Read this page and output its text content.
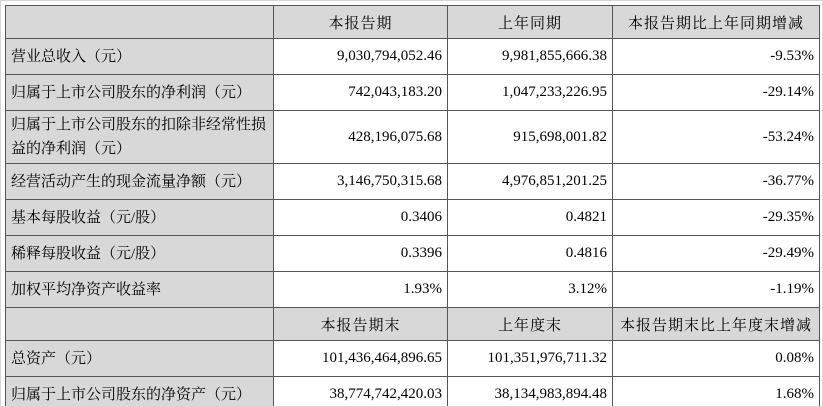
	本报告期	上年同期	本报告期比上年同期增减
营业总收入（元）	9,030,794,052.46	9,981,855,666.38	-9.53%
归属于上市公司股东的净利润（元）	742,043,183.20	1,047,233,226.95	-29.14%
归属于上市公司股东的扣除非经常性损益的净利润（元）	428,196,075.68	915,698,001.82	-53.24%
经营活动产生的现金流量净额（元）	3,146,750,315.68	4,976,851,201.25	-36.77%
基本每股收益（元/股）	0.3406	0.4821	-29.35%
稀释每股收益（元/股）	0.3396	0.4816	-29.49%
加权平均净资产收益率	1.93%	3.12%	-1.19%
	本报告期末	上年度末	本报告期末比上年度末增减
总资产（元）	101,436,464,896.65	101,351,976,711.32	0.08%
归属于上市公司股东的净资产（元）	38,774,742,420.03	38,134,983,894.48	1.68%
